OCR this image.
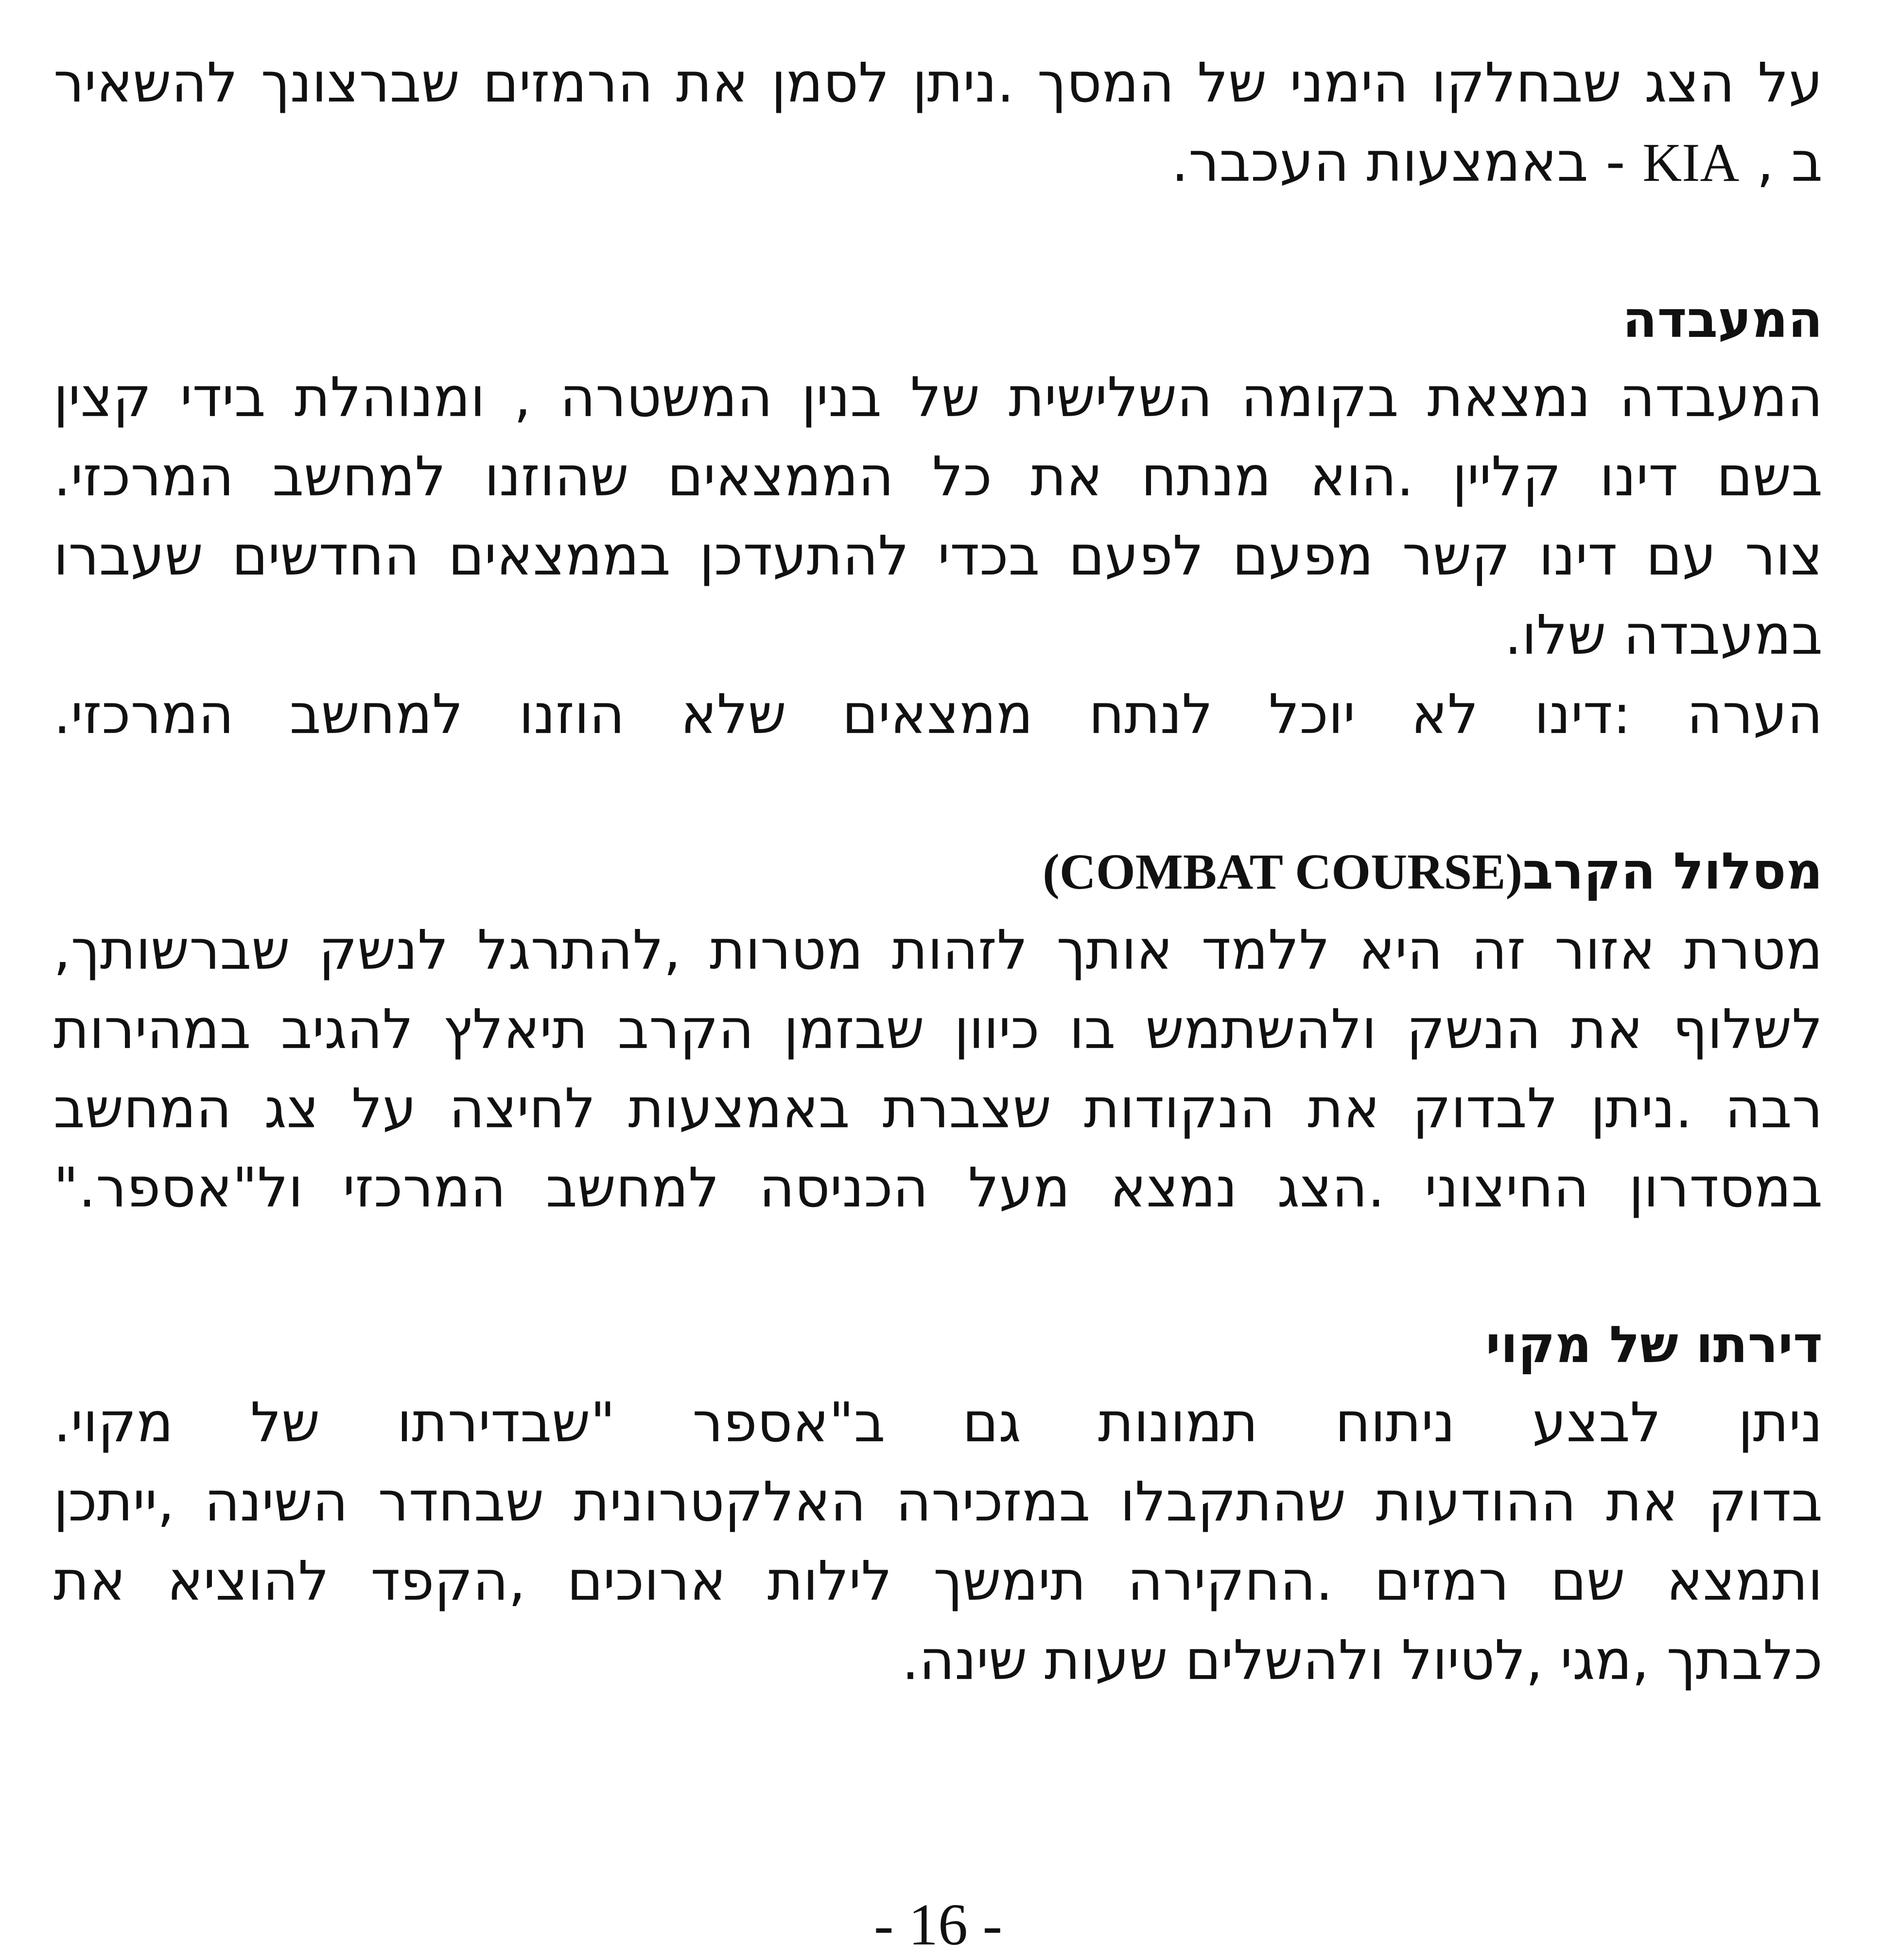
על הצג שבחלקו הימני של המסך .ניתן לסמן את הרמזים שברצונך להשאיר
ב , KIA - באמצעות העכבר.
המעבדה
המעבדה נמצאת בקומה השלישית של בנין המשטרה , ומנוהלת בידי קצין
בשם דינו קליין .הוא מנתח את כל הממצאים שהוזנו למחשב המרכזי.
צור עם דינו קשר מפעם לפעם בכדי להתעדכן בממצאים החדשים שעברו
במעבדה שלו.
הערה :דינו לא יוכל לנתח ממצאים שלא הוזנו למחשב המרכזי.
מסלול הקרב(COMBAT COURSE)
מטרת אזור זה היא ללמד אותך לזהות מטרות ,להתרגל לנשק שברשותך,
לשלוף את הנשק ולהשתמש בו כיוון שבזמן הקרב תיאלץ להגיב במהירות
רבה .ניתן לבדוק את הנקודות שצברת באמצעות לחיצה על צג המחשב
במסדרון החיצוני .הצג נמצא מעל הכניסה למחשב המרכזי ול"אספר."
דירתו של מקוי
ניתן לבצע ניתוח תמונות גם ב"אספר "שבדירתו של מקוי.
בדוק את ההודעות שהתקבלו במזכירה האלקטרונית שבחדר השינה ,ייתכן
ותמצא שם רמזים .החקירה תימשך לילות ארוכים ,הקפד להוציא את
כלבתך ,מגי ,לטיול ולהשלים שעות שינה.
- 16 -
